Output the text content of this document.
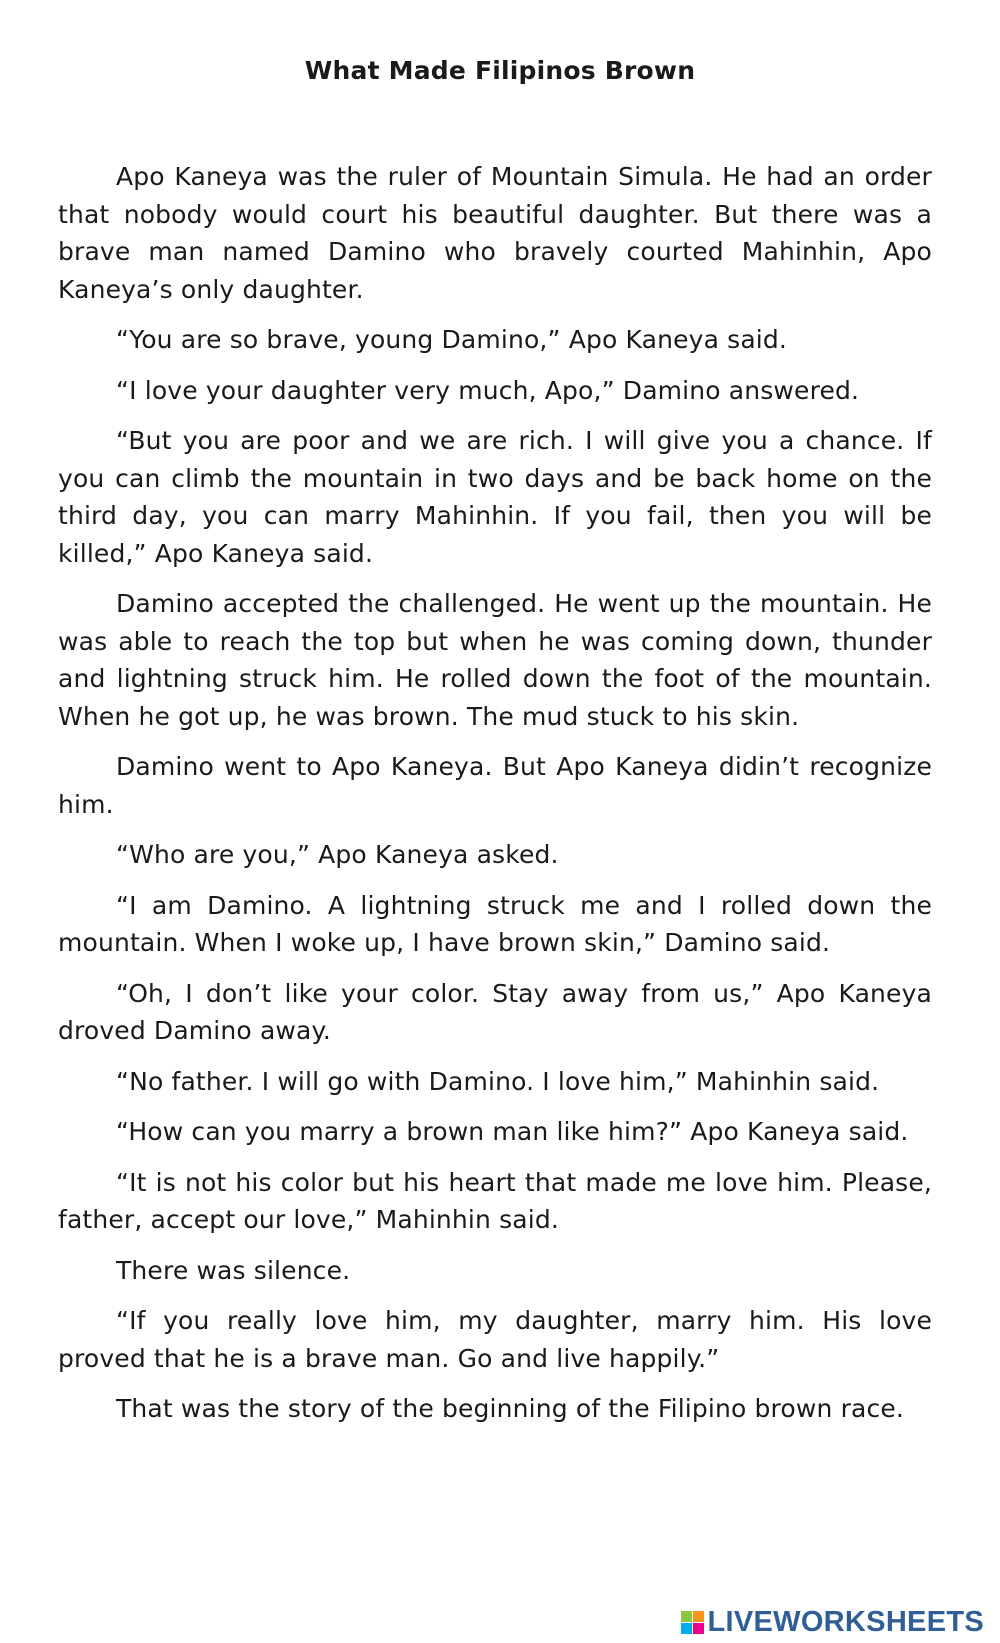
What Made Filipinos Brown

Apo Kaneya was the ruler of Mountain Simula. He had an order that nobody would court his beautiful daughter. But there was a brave man named Damino who bravely courted Mahinhin, Apo Kaneya’s only daughter.

“You are so brave, young Damino,” Apo Kaneya said.

“I love your daughter very much, Apo,” Damino answered.

“But you are poor and we are rich. I will give you a chance. If you can climb the mountain in two days and be back home on the third day, you can marry Mahinhin. If you fail, then you will be killed,” Apo Kaneya said.

Damino accepted the challenged. He went up the mountain. He was able to reach the top but when he was coming down, thunder and lightning struck him. He rolled down the foot of the mountain. When he got up, he was brown. The mud stuck to his skin.

Damino went to Apo Kaneya. But Apo Kaneya didin’t recognize him.

“Who are you,” Apo Kaneya asked.

“I am Damino. A lightning struck me and I rolled down the mountain. When I woke up, I have brown skin,” Damino said.

“Oh, I don’t like your color. Stay away from us,” Apo Kaneya droved Damino away.

“No father. I will go with Damino. I love him,” Mahinhin said.

“How can you marry a brown man like him?” Apo Kaneya said.

“It is not his color but his heart that made me love him. Please, father, accept our love,” Mahinhin said.

There was silence.

“If you really love him, my daughter, marry him. His love proved that he is a brave man. Go and live happily.”

That was the story of the beginning of the Filipino brown race.

LIVEWORKSHEETS
